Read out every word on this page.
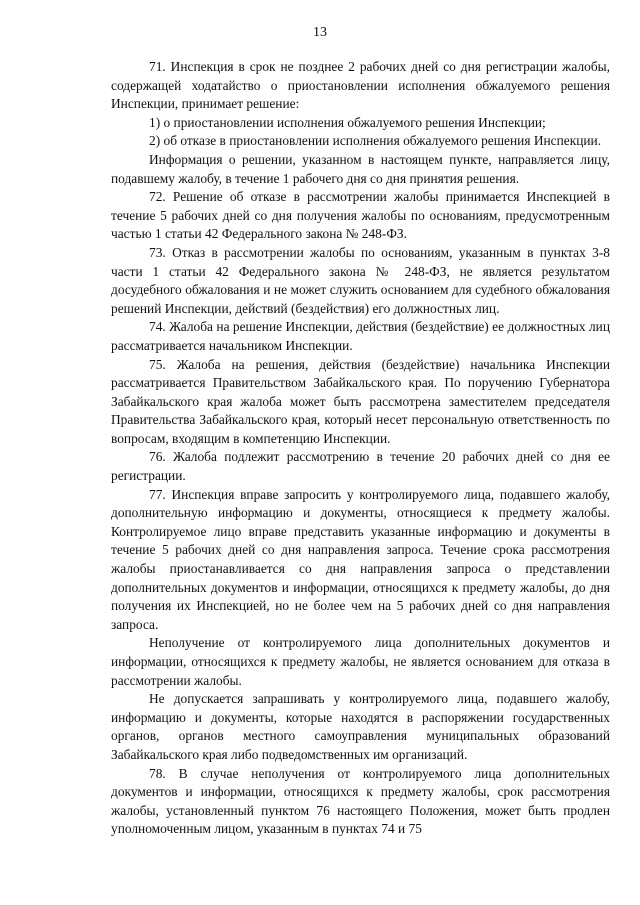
13

71. Инспекция в срок не позднее 2 рабочих дней со дня регистрации жалобы, содержащей ходатайство о приостановлении исполнения обжалуемого решения Инспекции, принимает решение:

1) о приостановлении исполнения обжалуемого решения Инспекции;

2) об отказе в приостановлении исполнения обжалуемого решения Инспекции.

Информация о решении, указанном в настоящем пункте, направляется лицу, подавшему жалобу, в течение 1 рабочего дня со дня принятия решения.

72. Решение об отказе в рассмотрении жалобы принимается Инспекцией в течение 5 рабочих дней со дня получения жалобы по основаниям, предусмотренным частью 1 статьи 42 Федерального закона № 248-ФЗ.

73. Отказ в рассмотрении жалобы по основаниям, указанным в пунктах 3-8 части 1 статьи 42 Федерального закона № 248-ФЗ, не является результатом досудебного обжалования и не может служить основанием для судебного обжалования решений Инспекции, действий (бездействия) его должностных лиц.

74. Жалоба на решение Инспекции, действия (бездействие) ее должностных лиц рассматривается начальником Инспекции.

75. Жалоба на решения, действия (бездействие) начальника Инспекции рассматривается Правительством Забайкальского края. По поручению Губернатора Забайкальского края жалоба может быть рассмотрена заместителем председателя Правительства Забайкальского края, который несет персональную ответственность по вопросам, входящим в компетенцию Инспекции.

76. Жалоба подлежит рассмотрению в течение 20 рабочих дней со дня ее регистрации.

77. Инспекция вправе запросить у контролируемого лица, подавшего жалобу, дополнительную информацию и документы, относящиеся к предмету жалобы. Контролируемое лицо вправе представить указанные информацию и документы в течение 5 рабочих дней со дня направления запроса. Течение срока рассмотрения жалобы приостанавливается со дня направления запроса о представлении дополнительных документов и информации, относящихся к предмету жалобы, до дня получения их Инспекцией, но не более чем на 5 рабочих дней со дня направления запроса.

Неполучение от контролируемого лица дополнительных документов и информации, относящихся к предмету жалобы, не является основанием для отказа в рассмотрении жалобы.

Не допускается запрашивать у контролируемого лица, подавшего жалобу, информацию и документы, которые находятся в распоряжении государственных органов, органов местного самоуправления муниципальных образований Забайкальского края либо подведомственных им организаций.

78. В случае неполучения от контролируемого лица дополнительных документов и информации, относящихся к предмету жалобы, срок рассмотрения жалобы, установленный пунктом 76 настоящего Положения, может быть продлен уполномоченным лицом, указанным в пунктах 74 и 75
